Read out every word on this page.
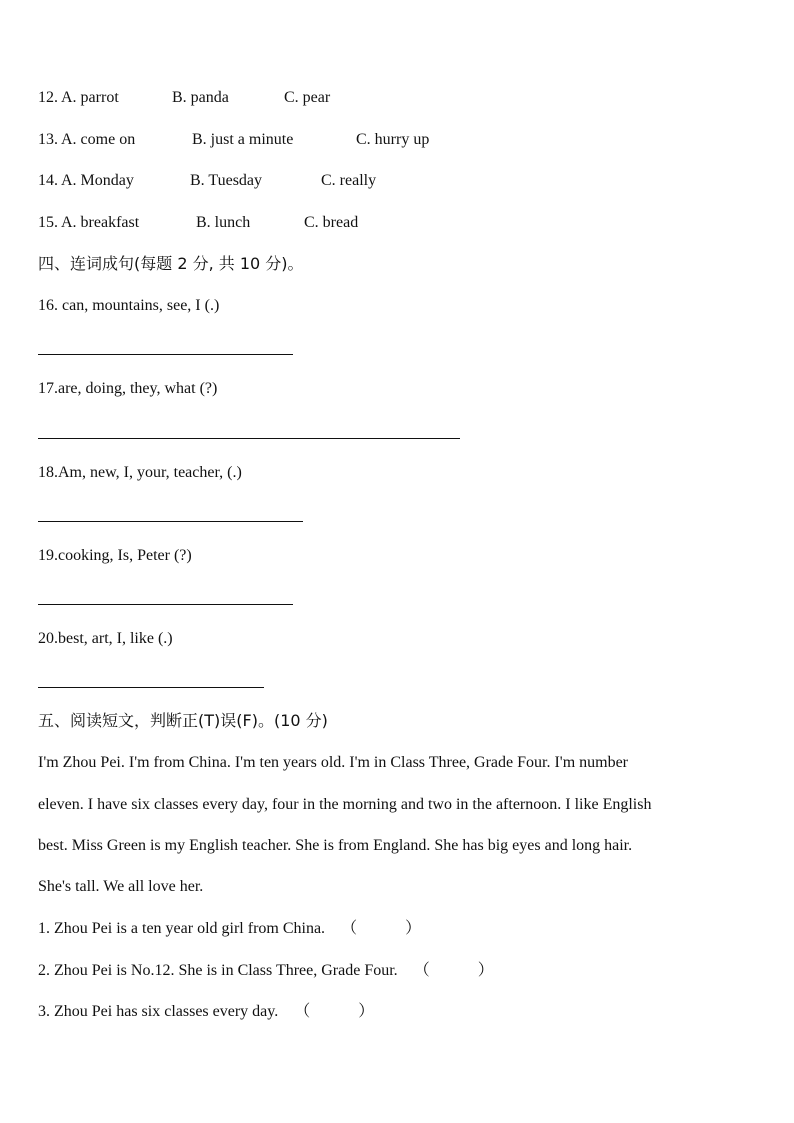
12. A. parrot	B. panda	C. pear
13. A. come on	B. just a minute	C. hurry up
14. A. Monday	B. Tuesday	C. really
15. A. breakfast	B. lunch	C. bread
四、连词成句(每题 2 分, 共 10 分)。
16. can, mountains, see, I (.)
17.are, doing, they, what (?)
18.Am, new, I, your, teacher, (.)
19.cooking, Is, Peter (?)
20.best, art, I, like (.)
五、阅读短文，判断正(T)误(F)。(10 分)
I'm Zhou Pei. I'm from China. I'm ten years old. I'm in Class Three, Grade Four. I'm number
eleven. I have six classes every day, four in the morning and two in the afternoon. I like English
best. Miss Green is my English teacher. She is from England. She has big eyes and long hair.
She's tall. We all love her.
1. Zhou Pei is a ten year old girl from China. （　　　）
2. Zhou Pei is No.12. She is in Class Three, Grade Four. （　　　）
3. Zhou Pei has six classes every day. （　　　）
